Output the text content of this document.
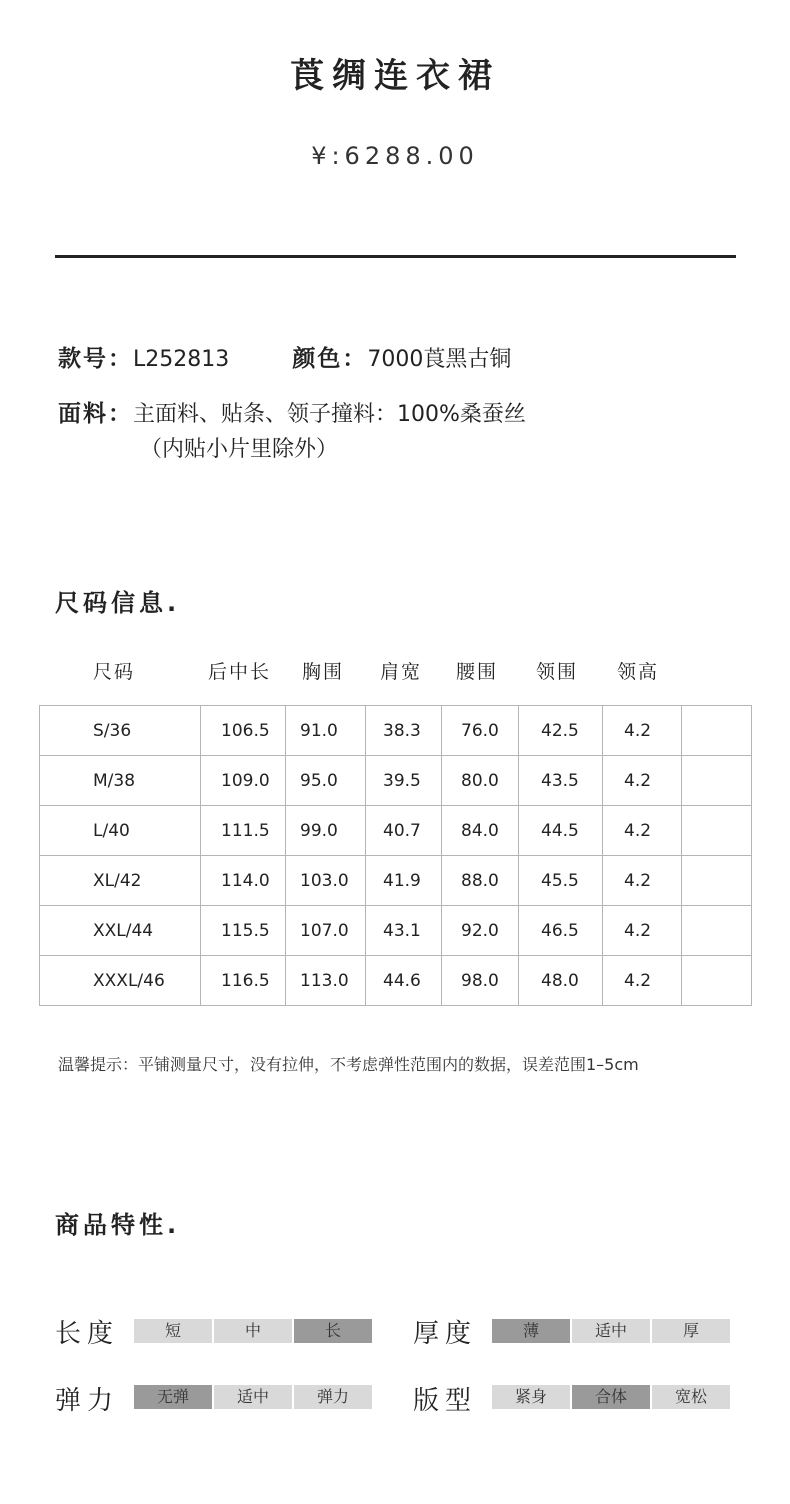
莨绸连衣裙
¥:6288.00
款号：L252813	颜色：7000莨黑古铜
面料：主面料、贴条、领子撞料：100%桑蚕丝
（内贴小片里除外）
尺码信息.
尺码	后中长 胸围 肩宽 腰围 领围 领高
S/36	106.5	91.0	38.3	76.0	42.5	4.2	
M/38	109.0	95.0	39.5	80.0	43.5	4.2	
L/40	111.5	99.0	40.7	84.0	44.5	4.2	
XL/42	114.0	103.0	41.9	88.0	45.5	4.2	
XXL/44	115.5	107.0	43.1	92.0	46.5	4.2	
XXXL/46	116.5	113.0	44.6	98.0	48.0	4.2	
温馨提示：平铺测量尺寸，没有拉伸，不考虑弹性范围内的数据，误差范围1–5cm
商品特性.
长度	厚度
弹力	版型
短	中	长	薄	适中	厚
无弹	适中	弹力	紧身	合体	宽松
